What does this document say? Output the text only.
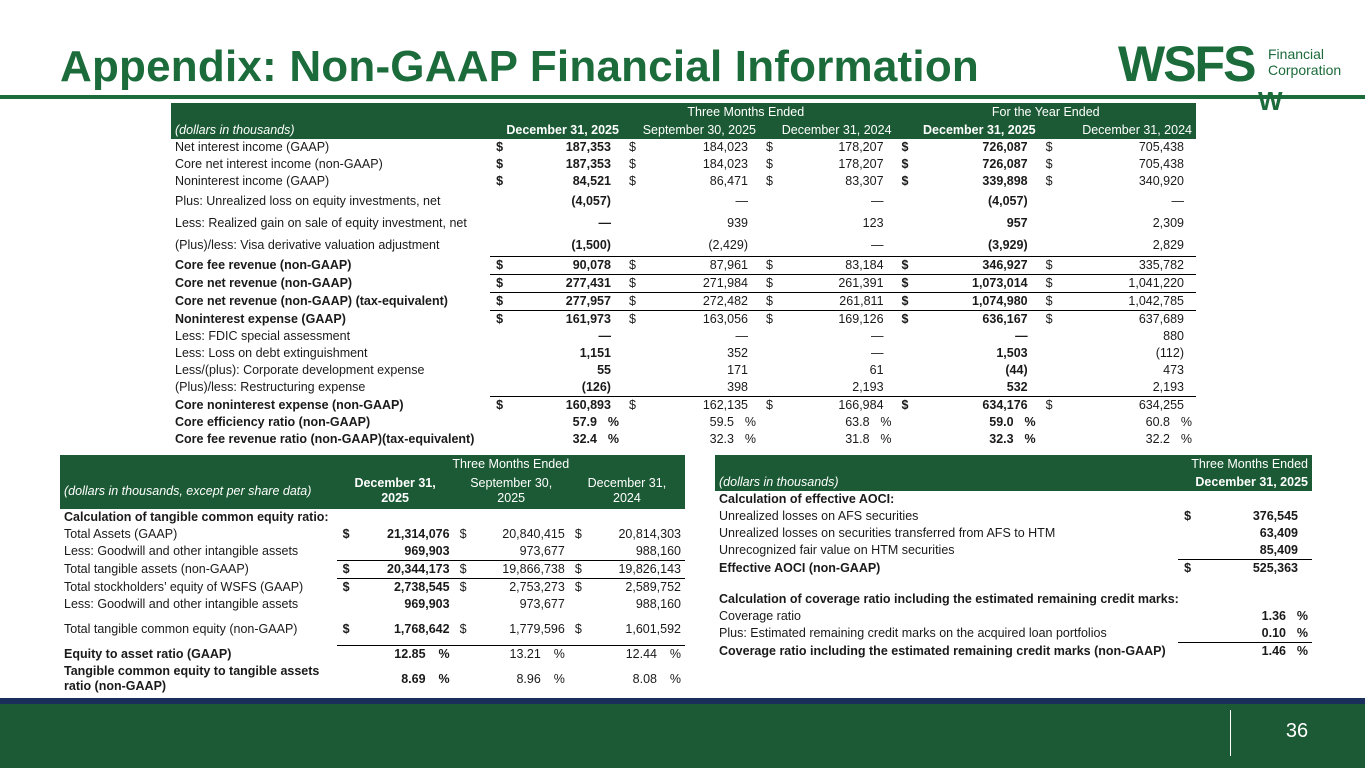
Appendix: Non-GAAP Financial Information	WSFS Financial
Corporation
W
	Three Months Ended						For the Year Ended			
(dollars in thousands)	December 31, 2025		September 30, 2025		December 31, 2024		December 31, 2025		December 31, 2024	
Net interest income (GAAP)	$	187,353	$	184,023	$	178,207	$	726,087	$	705,438
Core net interest income (non-GAAP)	$	187,353	$	184,023	$	178,207	$	726,087	$	705,438
Noninterest income (GAAP)	$	84,521	$	86,471	$	83,307	$	339,898	$	340,920
Plus: Unrealized loss on equity investments, net		(4,057)		—		—		(4,057)		—
Less: Realized gain on sale of equity investment, net		—		939		123		957		2,309
(Plus)/less: Visa derivative valuation adjustment		(1,500)		(2,429)		—		(3,929)		2,829
Core fee revenue (non-GAAP)	$	90,078	$	87,961	$	83,184	$	346,927	$	335,782
Core net revenue (non-GAAP)	$	277,431	$	271,984	$	261,391	$	1,073,014	$	1,041,220
Core net revenue (non-GAAP) (tax-equivalent)	$	277,957	$	272,482	$	261,811	$	1,074,980	$	1,042,785
Noninterest expense (GAAP)	$	161,973	$	163,056	$	169,126	$	636,167	$	637,689
Less: FDIC special assessment		—		—		—		—		880
Less: Loss on debt extinguishment		1,151		352		—		1,503		(112)
Less/(plus): Corporate development expense		55		171		61		(44)		473
(Plus)/less: Restructuring expense		(126)		398		2,193		532		2,193
Core noninterest expense (non-GAAP)	$	160,893	$	162,135	$	166,984	$	634,176	$	634,255
Core efficiency ratio (non-GAAP)		57.9 %		59.5 %		63.8 %		59.0 %		60.8 %
Core fee revenue ratio (non-GAAP)(tax-equivalent)		32.4 %		32.3 %		31.8 %		32.3 %		32.2 %
	Three Months Ended					
(dollars in thousands, except per share data)	December 31, 2025		September 30, 2025		December 31, 2024	
Calculation of tangible common equity ratio:						
Total Assets (GAAP)	$	21,314,076	$	20,840,415	$	20,814,303
Less: Goodwill and other intangible assets		969,903		973,677		988,160
Total tangible assets (non-GAAP)	$	20,344,173	$	19,866,738	$	19,826,143
Total stockholders’ equity of WSFS (GAAP)	$	2,738,545	$	2,753,273	$	2,589,752
Less: Goodwill and other intangible assets		969,903		973,677		988,160
Total tangible common equity (non-GAAP)	$	1,768,642	$	1,779,596	$	1,601,592
Equity to asset ratio (GAAP)		12.85 %		13.21 %		12.44 %
Tangible common equity to tangible assets ratio (non-GAAP)		8.69 %		8.96 %		8.08 %
	Three Months Ended	
(dollars in thousands)	December 31, 2025	
Calculation of effective AOCI:		
Unrealized losses on AFS securities	$	376,545
Unrealized losses on securities transferred from AFS to HTM		63,409
Unrecognized fair value on HTM securities		85,409
Effective AOCI (non-GAAP)	$	525,363

Calculation of coverage ratio including the estimated remaining credit marks:		
Coverage ratio		1.36 %
Plus: Estimated remaining credit marks on the acquired loan portfolios		0.10 %
Coverage ratio including the estimated remaining credit marks (non-GAAP)		1.46 %
36
